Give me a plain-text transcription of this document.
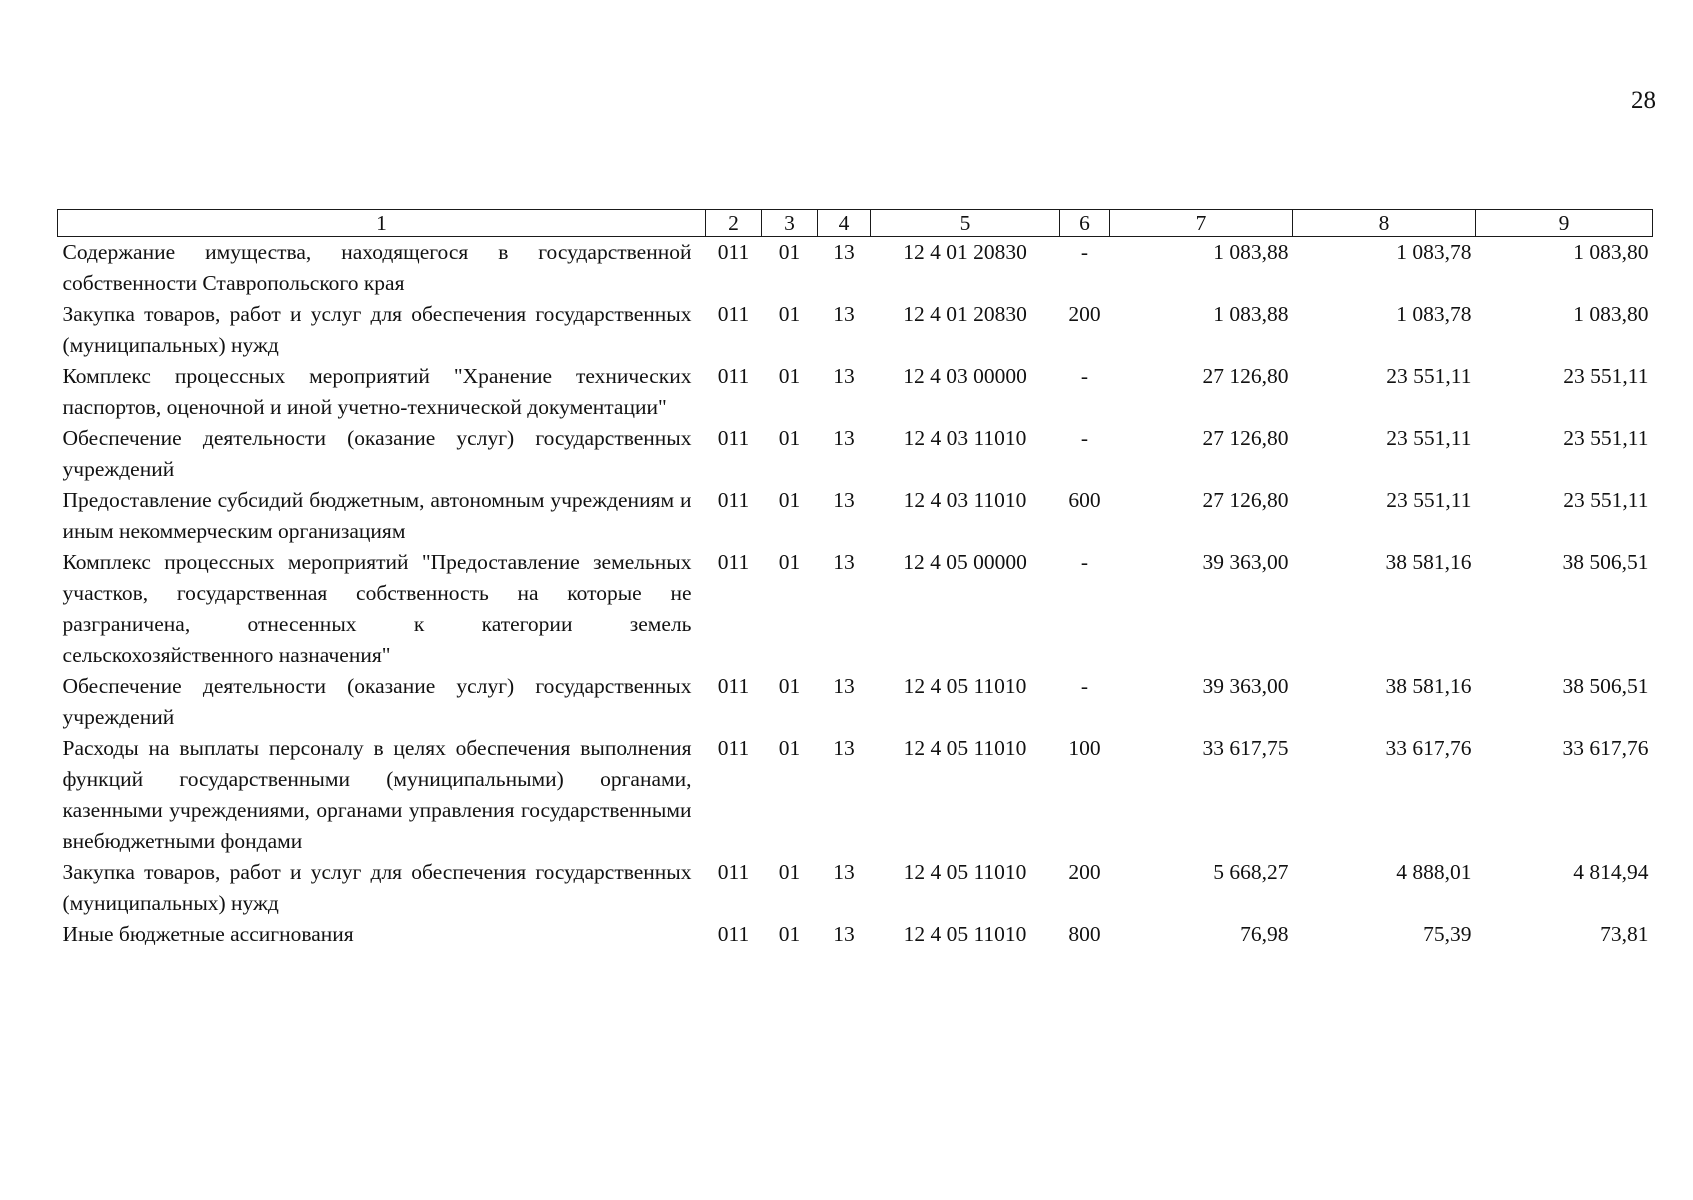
28
1	2	3	4	5	6	7	8	9
Содержание имущества, находящегося в государственной собственности Ставропольского края	011	01	13	12 4 01 20830	-	1 083,88	1 083,78	1 083,80
Закупка товаров, работ и услуг для обеспечения государственных (муниципальных) нужд	011	01	13	12 4 01 20830	200	1 083,88	1 083,78	1 083,80
Комплекс процессных мероприятий "Хранение технических паспортов, оценочной и иной учетно-технической документации"	011	01	13	12 4 03 00000	-	27 126,80	23 551,11	23 551,11
Обеспечение деятельности (оказание услуг) государственных учреждений	011	01	13	12 4 03 11010	-	27 126,80	23 551,11	23 551,11
Предоставление субсидий бюджетным, автономным учреждениям и иным некоммерческим организациям	011	01	13	12 4 03 11010	600	27 126,80	23 551,11	23 551,11
Комплекс процессных мероприятий "Предоставление земельных участков, государственная собственность на которые не разграничена, отнесенных к категории земель сельскохозяйственного назначения"	011	01	13	12 4 05 00000	-	39 363,00	38 581,16	38 506,51
Обеспечение деятельности (оказание услуг) государственных учреждений	011	01	13	12 4 05 11010	-	39 363,00	38 581,16	38 506,51
Расходы на выплаты персоналу в целях обеспечения выполнения функций государственными (муниципальными) органами, казенными учреждениями, органами управления государственными внебюджетными фондами	011	01	13	12 4 05 11010	100	33 617,75	33 617,76	33 617,76
Закупка товаров, работ и услуг для обеспечения государственных (муниципальных) нужд	011	01	13	12 4 05 11010	200	5 668,27	4 888,01	4 814,94
Иные бюджетные ассигнования	011	01	13	12 4 05 11010	800	76,98	75,39	73,81
